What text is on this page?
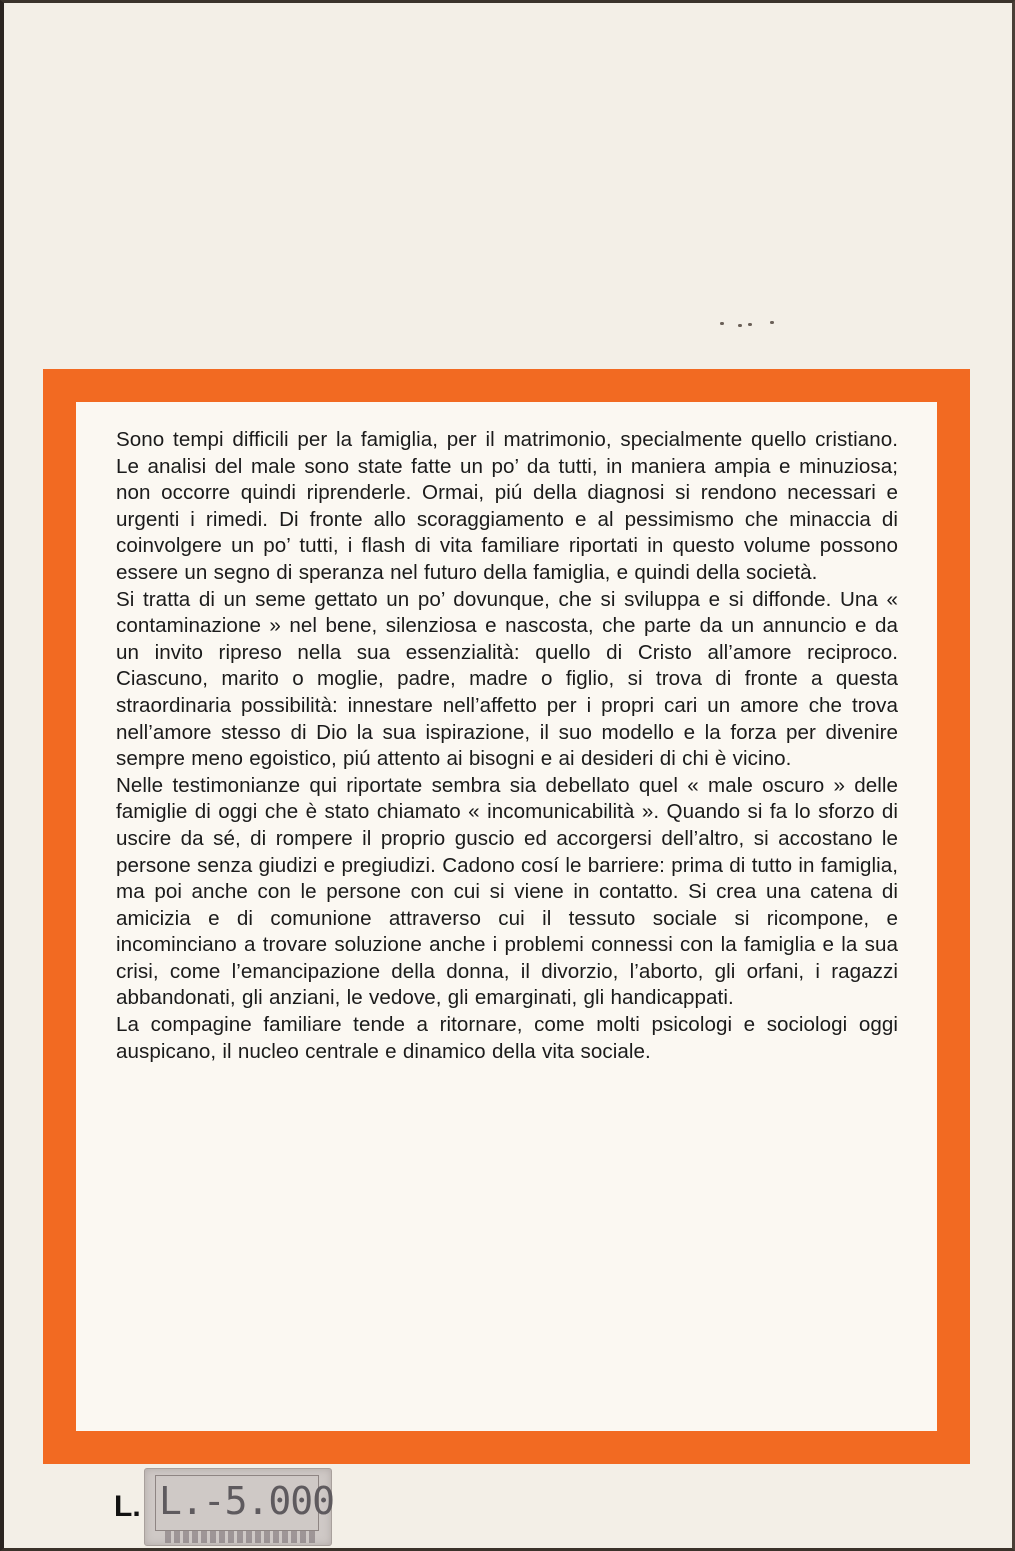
Sono tempi difficili per la famiglia, per il matrimonio, specialmente quello cristiano. Le analisi del male sono state fatte un po’ da tutti, in maniera ampia e minuziosa; non occorre quindi riprenderle. Ormai, piú della diagnosi si rendono necessari e urgenti i rimedi. Di fronte allo scoraggiamento e al pessimismo che minaccia di coinvolgere un po’ tutti, i flash di vita familiare riportati in questo volume possono essere un segno di speranza nel futuro della famiglia, e quindi della società.

Si tratta di un seme gettato un po’ dovunque, che si sviluppa e si diffonde. Una « contaminazione » nel bene, silenziosa e nascosta, che parte da un annuncio e da un invito ripreso nella sua essenzialità: quello di Cristo all’amore reciproco. Ciascuno, marito o moglie, padre, madre o figlio, si trova di fronte a questa straordinaria possibilità: innestare nell’affetto per i propri cari un amore che trova nell’amore stesso di Dio la sua ispirazione, il suo modello e la forza per divenire sempre meno egoistico, piú attento ai bisogni e ai desideri di chi è vicino.

Nelle testimonianze qui riportate sembra sia debellato quel « male oscuro » delle famiglie di oggi che è stato chiamato « incomunicabilità ». Quando si fa lo sforzo di uscire da sé, di rompere il proprio guscio ed accorgersi dell’altro, si accostano le persone senza giudizi e pregiudizi. Cadono cosí le barriere: prima di tutto in famiglia, ma poi anche con le persone con cui si viene in contatto. Si crea una catena di amicizia e di comunione attraverso cui il tessuto sociale si ricompone, e incominciano a trovare soluzione anche i problemi connessi con la famiglia e la sua crisi, come l’emancipazione della donna, il divorzio, l’aborto, gli orfani, i ragazzi abbandonati, gli anziani, le vedove, gli emarginati, gli handicappati.

La compagine familiare tende a ritornare, come molti psicologi e sociologi oggi auspicano, il nucleo centrale e dinamico della vita sociale.

L. L.-5.000
